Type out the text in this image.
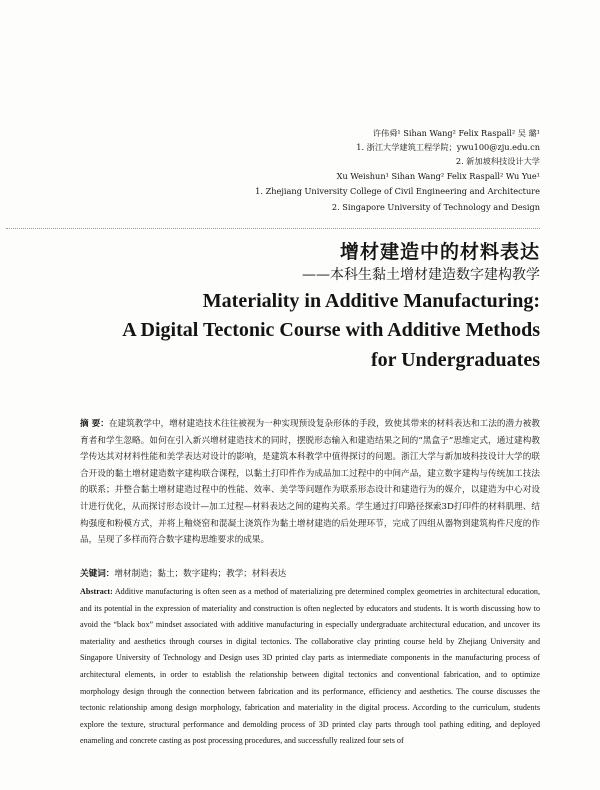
许伟舜¹ Sihan Wang² Felix Raspall² 吴 璐¹
1. 浙江大学建筑工程学院；ywu100@zju.edu.cn
2. 新加坡科技设计大学
Xu Weishun¹ Sihan Wang² Felix Raspall² Wu Yue¹
1. Zhejiang University College of Civil Engineering and Architecture
2. Singapore University of Technology and Design
增材建造中的材料表达
——本科生黏土增材建造数字建构教学
Materiality in Additive Manufacturing:
A Digital Tectonic Course with Additive Methods
for Undergraduates
摘 要：在建筑教学中，增材建造技术往往被视为一种实现预设复杂形体的手段，致使其带来的材料表达和工法的潜力被教育者和学生忽略。如何在引入新兴增材建造技术的同时，摆脱形态输入和建造结果之间的“黑盒子”思维定式，通过建构教学传达其对材料性能和美学表达对设计的影响，是建筑本科教学中值得探讨的问题。浙江大学与新加坡科技设计大学的联合开设的黏土增材建造数字建构联合课程，以黏土打印件作为成品加工过程中的中间产品，建立数字建构与传统加工技法的联系；并整合黏土增材建造过程中的性能、效率、美学等问题作为联系形态设计和建造行为的媒介，以建造为中心对设计进行优化，从而探讨形态设计—加工过程—材料表达之间的建构关系。学生通过打印路径探索3D打印件的材料肌理、结构强度和粉模方式，并将上釉烧窑和混凝土浇筑作为黏土增材建造的后处理环节，完成了四组从器物到建筑构件尺度的作品，呈现了多样而符合数字建构思维要求的成果。
关键词：增材制造；黏土；数字建构；教学；材料表达
Abstract: Additive manufacturing is often seen as a method of materializing pre determined complex geometries in architectural education, and its potential in the expression of materiality and construction is often neglected by educators and students. It is worth discussing how to avoid the “black box” mindset associated with additive manufacturing in especially undergraduate architectural education, and uncover its materiality and aesthetics through courses in digital tectonics. The collaborative clay printing course held by Zhejiang University and Singapore University of Technology and Design uses 3D printed clay parts as intermediate components in the manufacturing process of architectural elements, in order to establish the relationship between digital tectonics and conventional fabrication, and to optimize morphology design through the connection between fabrication and its performance, efficiency and aesthetics. The course discusses the tectonic relationship among design morphology, fabrication and materiality in the digital process. According to the curriculum, students explore the texture, structural performance and demolding process of 3D printed clay parts through tool pathing editing, and deployed enameling and concrete casting as post processing procedures, and successfully realized four sets of
